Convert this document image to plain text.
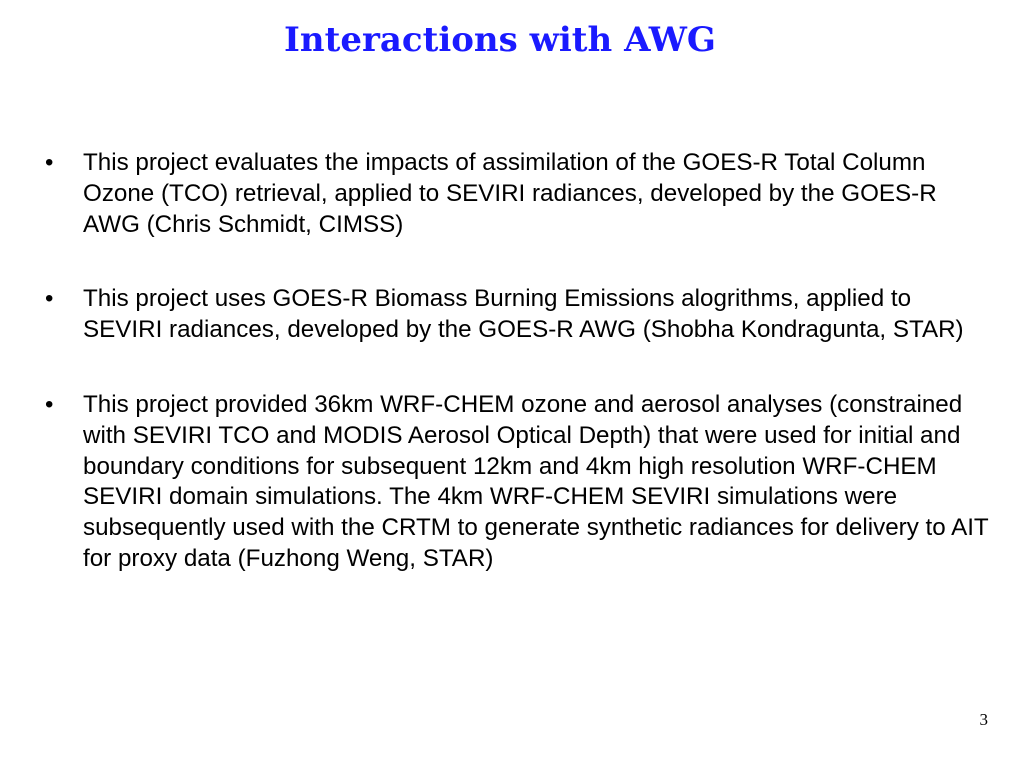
Interactions with AWG
• This project evaluates the impacts of assimilation of the GOES-R Total Column Ozone (TCO) retrieval, applied to SEVIRI radiances, developed by the GOES-R AWG (Chris Schmidt, CIMSS)
• This project uses GOES-R Biomass Burning Emissions alogrithms, applied to SEVIRI radiances, developed by the GOES-R AWG (Shobha Kondragunta, STAR)
• This project provided 36km WRF-CHEM ozone and aerosol analyses (constrained with SEVIRI TCO and MODIS Aerosol Optical Depth) that were used for initial and boundary conditions for subsequent 12km and 4km high resolution WRF-CHEM SEVIRI domain simulations. The 4km WRF-CHEM SEVIRI simulations were subsequently used with the CRTM to generate synthetic radiances for delivery to AIT for proxy data (Fuzhong Weng, STAR)
3
